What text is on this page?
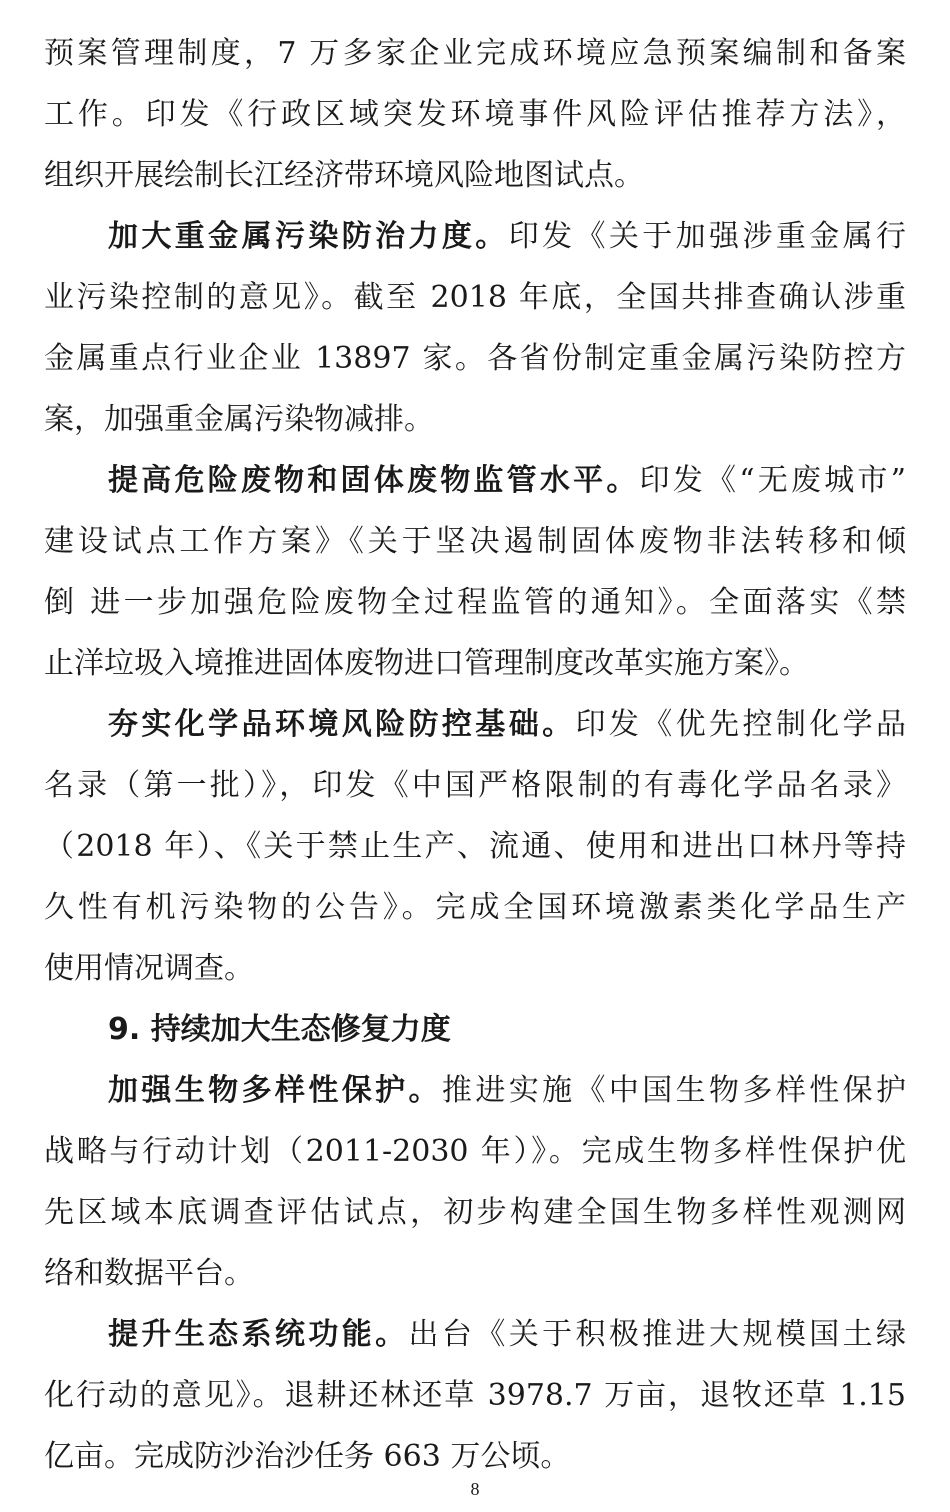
预案管理制度，7 万多家企业完成环境应急预案编制和备案
工作。印发《行政区域突发环境事件风险评估推荐方法》，
组织开展绘制长江经济带环境风险地图试点。
加大重金属污染防治力度。印发《关于加强涉重金属行
业污染控制的意见》。截至 2018 年底，全国共排查确认涉重
金属重点行业企业 13897 家。各省份制定重金属污染防控方
案，加强重金属污染物减排。
提高危险废物和固体废物监管水平。印发《“无废城市”
建设试点工作方案》《关于坚决遏制固体废物非法转移和倾
倒 进一步加强危险废物全过程监管的通知》。全面落实《禁
止洋垃圾入境推进固体废物进口管理制度改革实施方案》。
夯实化学品环境风险防控基础。印发《优先控制化学品
名录（第一批）》，印发《中国严格限制的有毒化学品名录》
（2018 年）、《关于禁止生产、流通、使用和进出口林丹等持
久性有机污染物的公告》。完成全国环境激素类化学品生产
使用情况调查。
9. 持续加大生态修复力度
加强生物多样性保护。推进实施《中国生物多样性保护
战略与行动计划（2011-2030 年）》。完成生物多样性保护优
先区域本底调查评估试点，初步构建全国生物多样性观测网
络和数据平台。
提升生态系统功能。出台《关于积极推进大规模国土绿
化行动的意见》。退耕还林还草 3978.7 万亩，退牧还草 1.15
亿亩。完成防沙治沙任务 663 万公顷。
8
